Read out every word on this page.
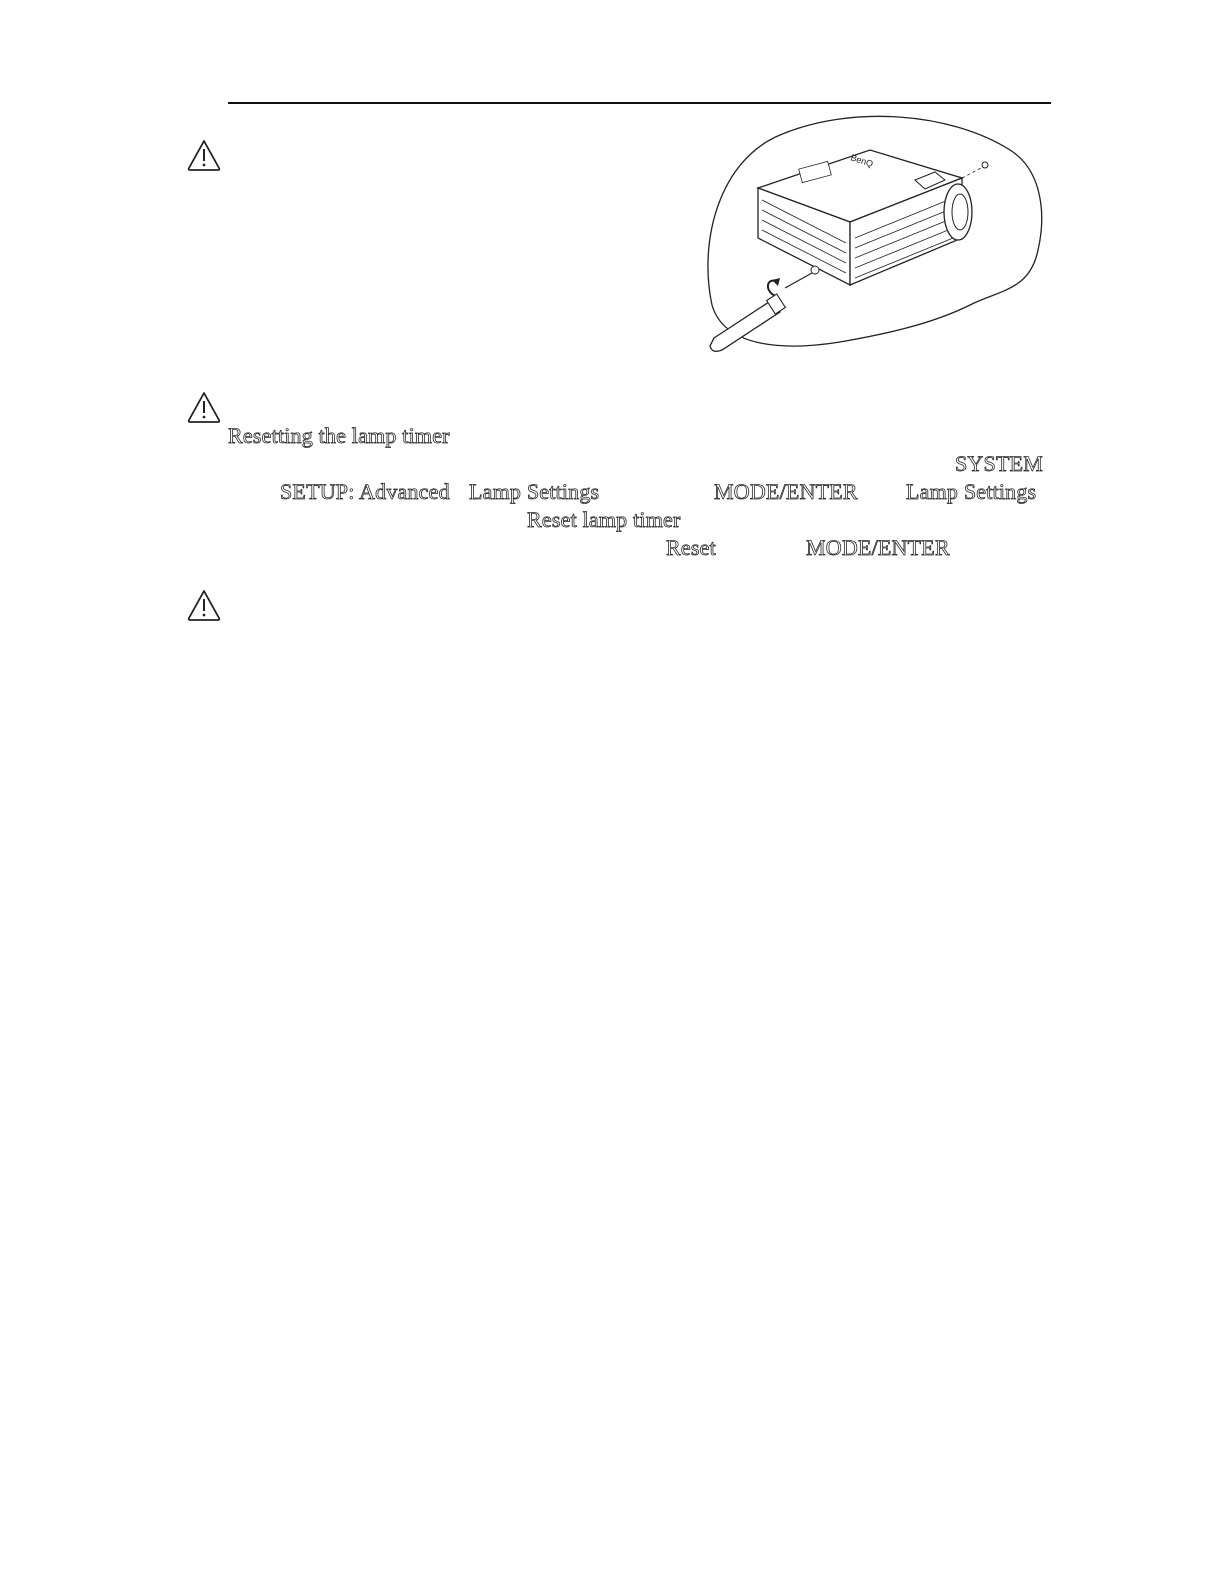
BenQ
Resetting the lamp timer
SYSTEM
SETUP: Advanced Lamp Settings	MODE/ENTER Lamp Settings
Reset lamp timer
Reset	MODE/ENTER
